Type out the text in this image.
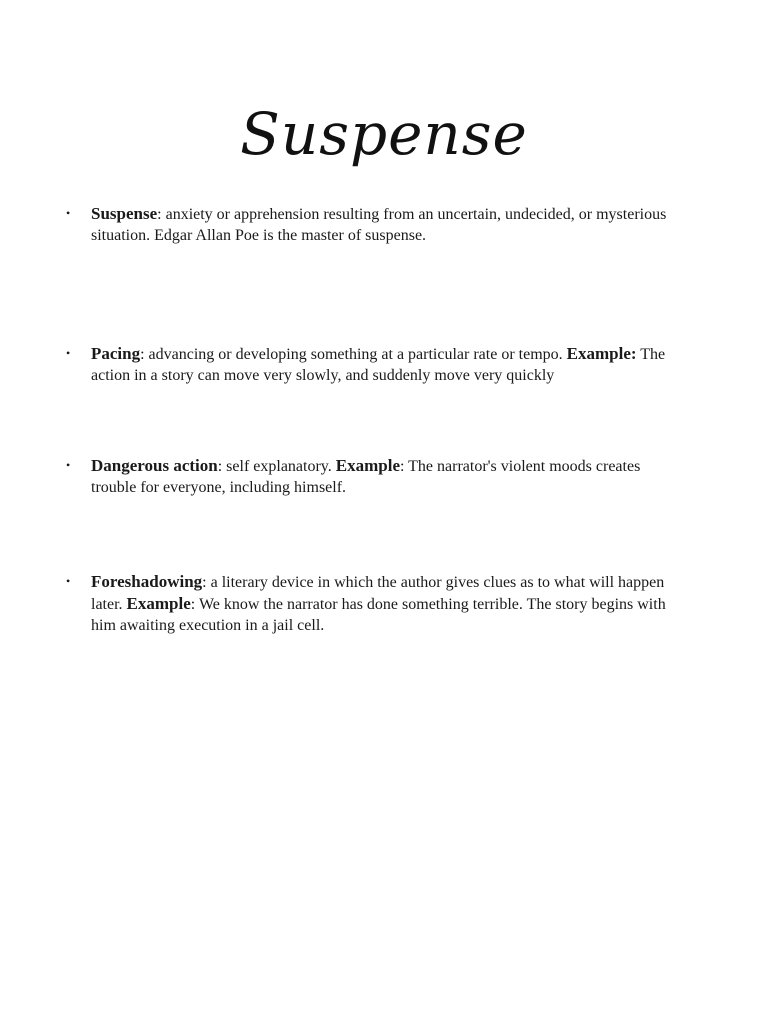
Suspense
•	Suspense: anxiety or apprehension resulting from an uncertain, undecided, or mysterious situation. Edgar Allan Poe is the master of suspense.
•	Pacing: advancing or developing something at a particular rate or tempo. Example: The action in a story can move very slowly, and suddenly move very quickly
•	Dangerous action: self explanatory. Example: The narrator's violent moods creates trouble for everyone, including himself.
•	Foreshadowing: a literary device in which the author gives clues as to what will happen later. Example: We know the narrator has done something terrible. The story begins with him awaiting execution in a jail cell.
